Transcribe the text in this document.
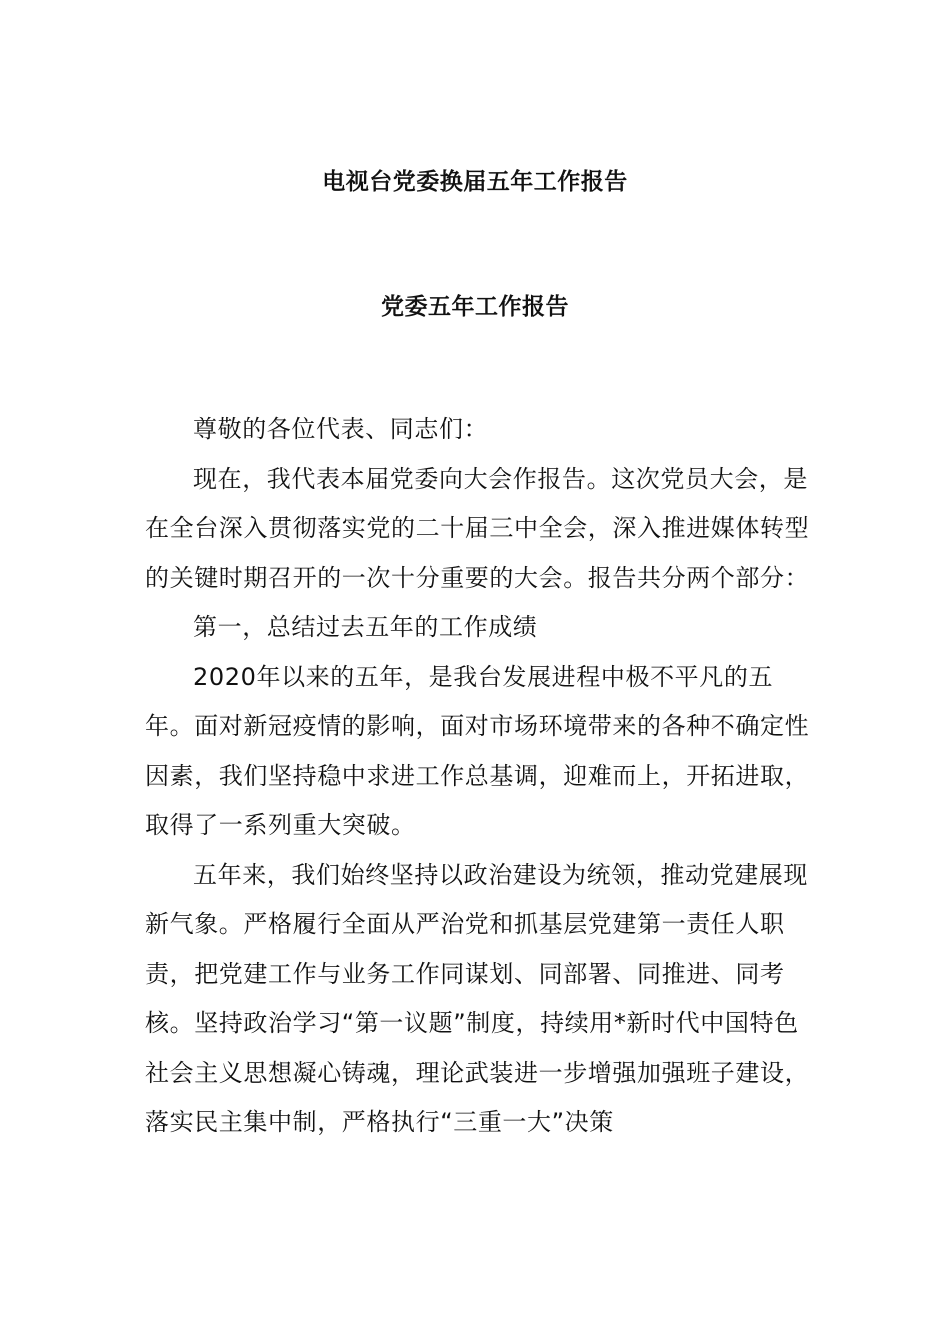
电视台党委换届五年工作报告
党委五年工作报告

尊敬的各位代表、同志们：

现在，我代表本届党委向大会作报告。这次党员大会，是在全台深入贯彻落实党的二十届三中全会，深入推进媒体转型的关键时期召开的一次十分重要的大会。报告共分两个部分：

第一，总结过去五年的工作成绩

2020年以来的五年，是我台发展进程中极不平凡的五年。面对新冠疫情的影响，面对市场环境带来的各种不确定性因素，我们坚持稳中求进工作总基调，迎难而上，开拓进取，取得了一系列重大突破。

五年来，我们始终坚持以政治建设为统领，推动党建展现新气象。严格履行全面从严治党和抓基层党建第一责任人职责，把党建工作与业务工作同谋划、同部署、同推进、同考核。坚持政治学习“第一议题”制度，持续用*新时代中国特色社会主义思想凝心铸魂，理论武装进一步增强加强班子建设，落实民主集中制，严格执行“三重一大”决策
